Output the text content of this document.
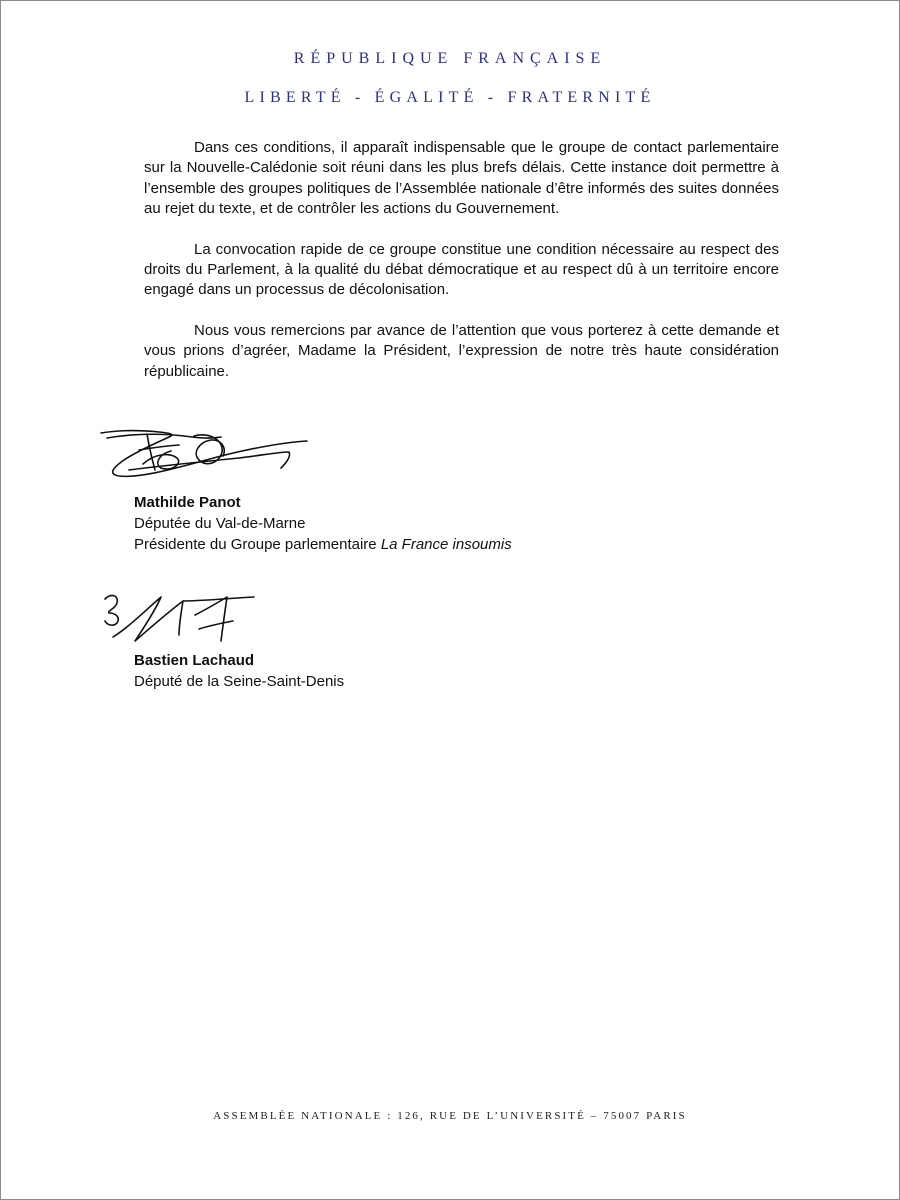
RÉPUBLIQUE FRANÇAISE
LIBERTÉ - ÉGALITÉ - FRATERNITÉ

Dans ces conditions, il apparaît indispensable que le groupe de contact parlementaire sur la Nouvelle-Calédonie soit réuni dans les plus brefs délais. Cette instance doit permettre à l’ensemble des groupes politiques de l’Assemblée nationale d’être informés des suites données au rejet du texte, et de contrôler les actions du Gouvernement.

La convocation rapide de ce groupe constitue une condition nécessaire au respect des droits du Parlement, à la qualité du débat démocratique et au respect dû à un territoire encore engagé dans un processus de décolonisation.

Nous vous remercions par avance de l’attention que vous porterez à cette demande et vous prions d’agréer, Madame la Président, l’expression de notre très haute considération républicaine.

Mathilde Panot
Députée du Val-de-Marne
Présidente du Groupe parlementaire La France insoumis
Bastien Lachaud
Député de la Seine-Saint-Denis
ASSEMBLÉE NATIONALE : 126, RUE DE L’UNIVERSITÉ – 75007 PARIS
